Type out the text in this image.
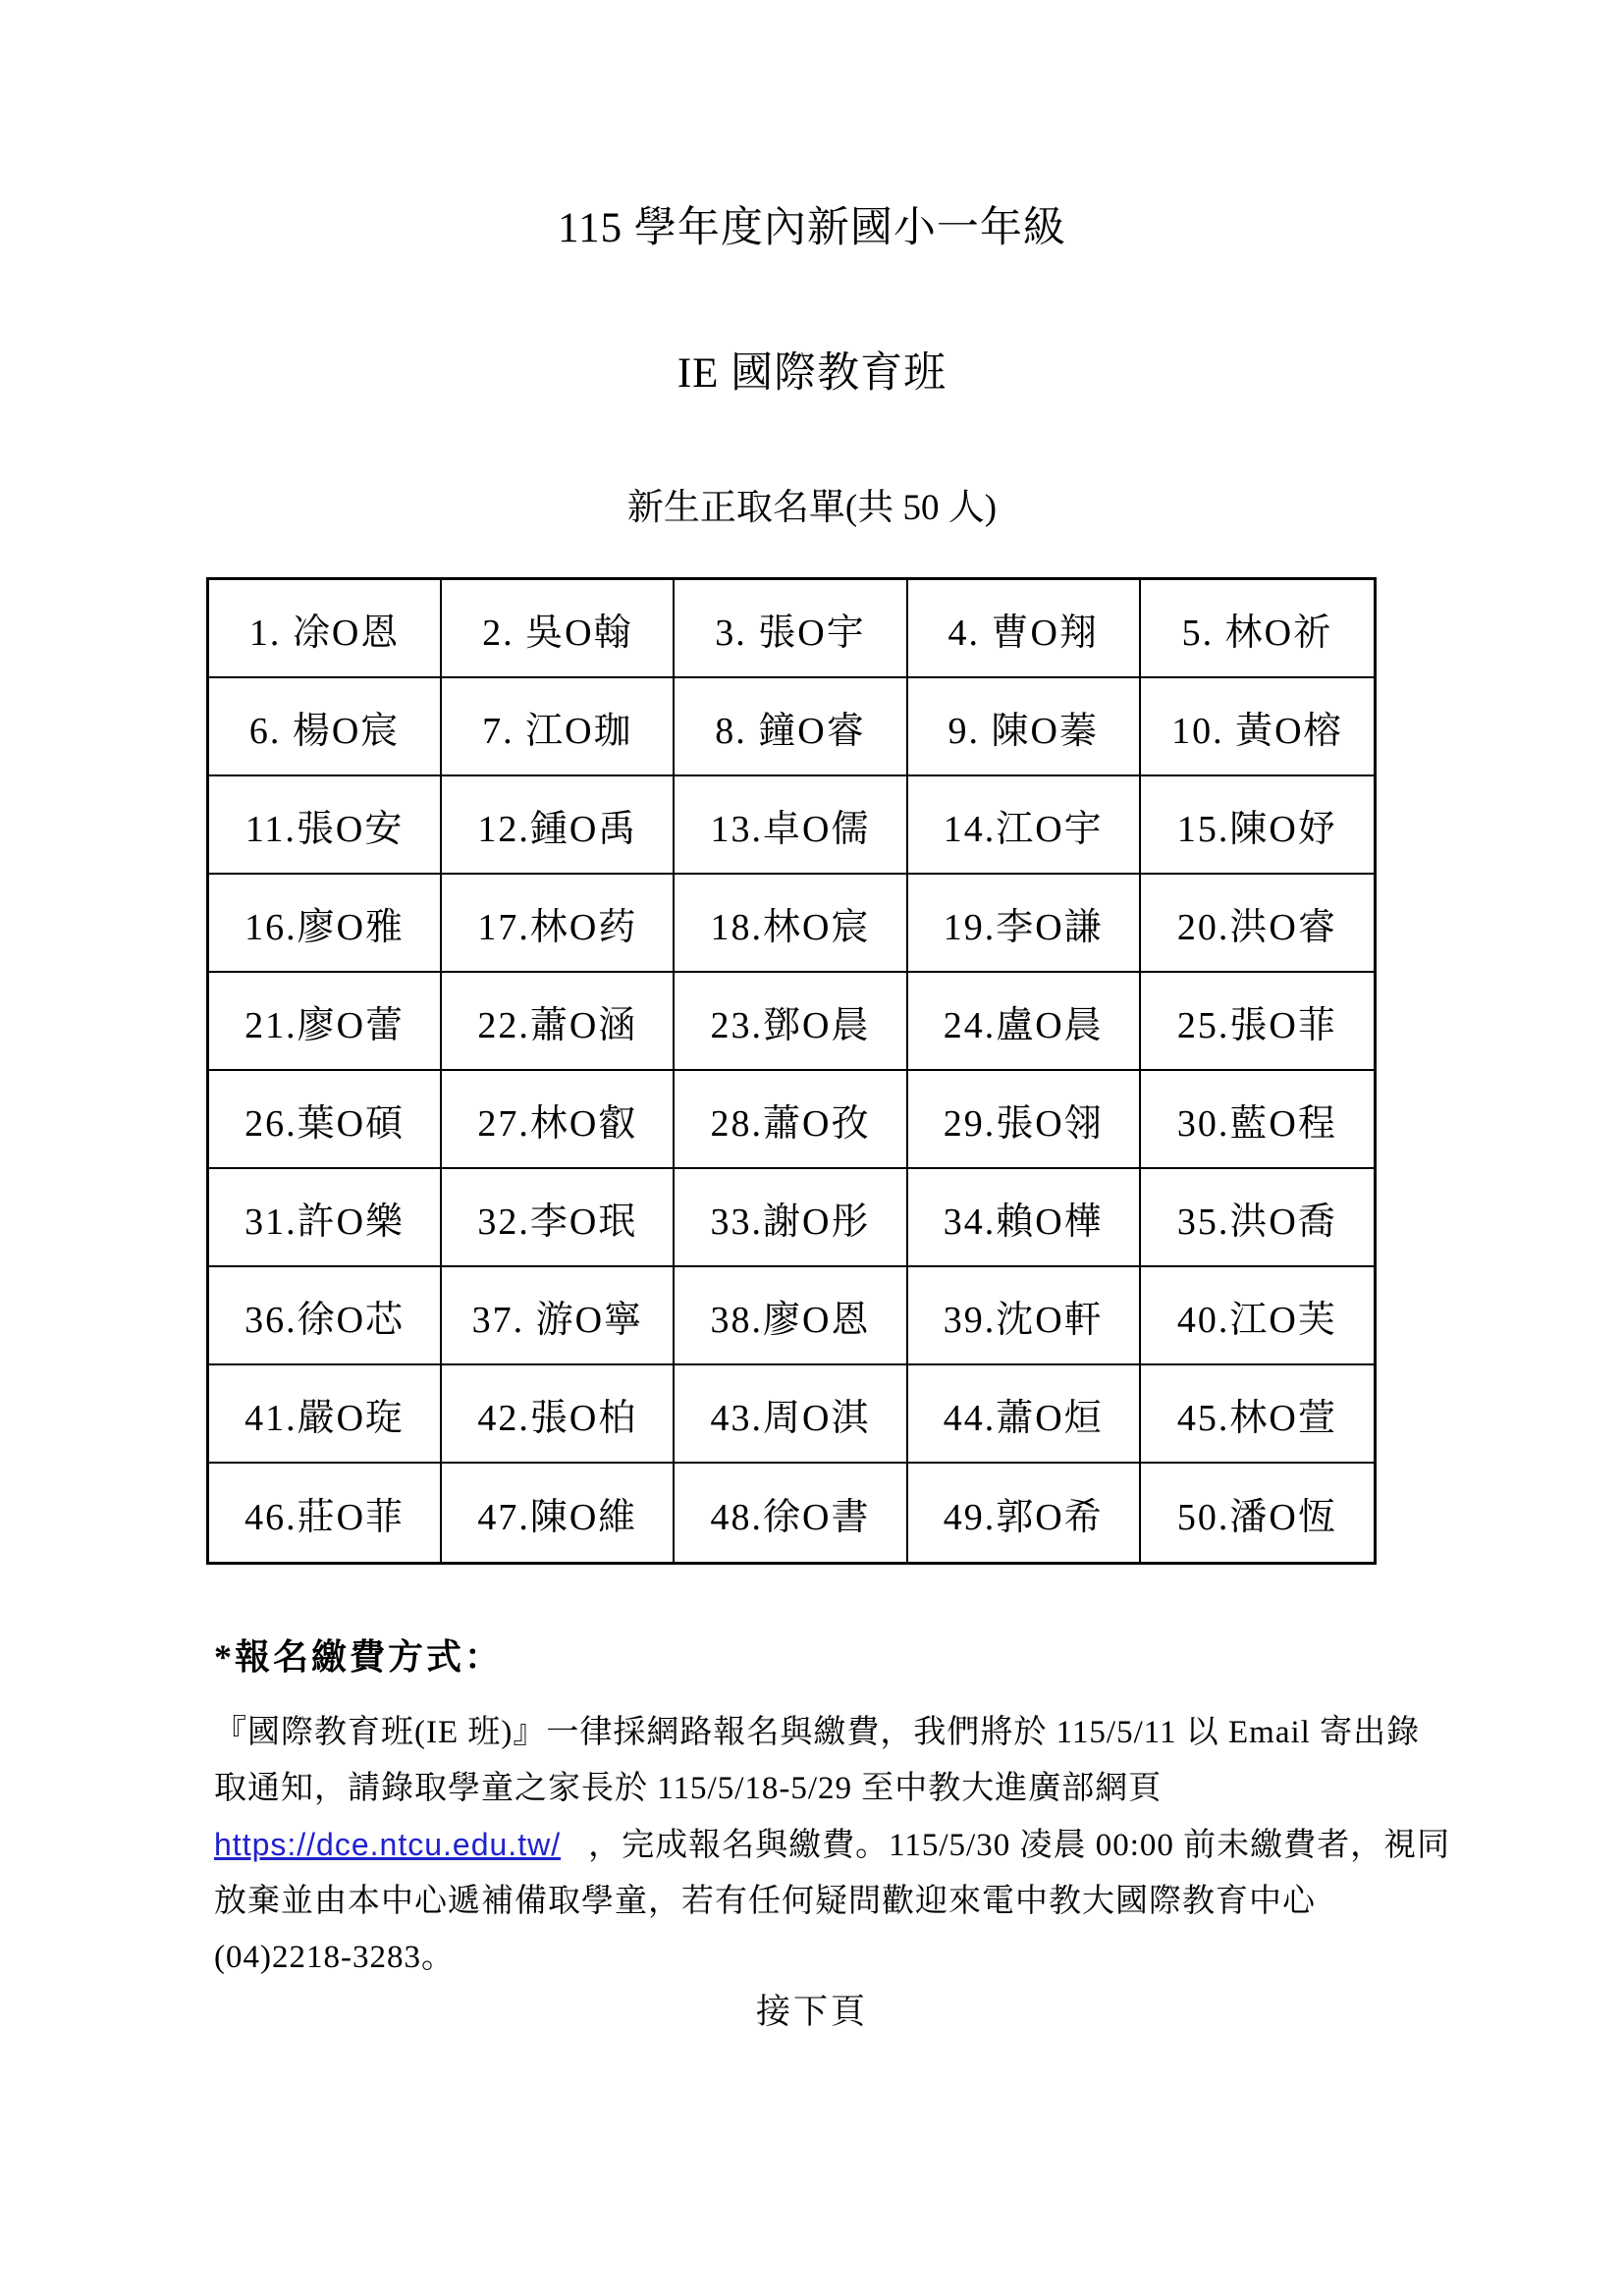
115 學年度內新國小一年級
IE 國際教育班
新生正取名單(共 50 人)
1. 凃O恩	2. 吳O翰	3. 張O宇	4. 曹O翔	5. 林O祈
6. 楊O宸	7. 江O珈	8. 鐘O睿	9. 陳O蓁	10. 黃O榕
11.張O安	12.鍾O禹	13.卓O儒	14.江O宇	15.陳O妤
16.廖O雅	17.林O药	18.林O宸	19.李O謙	20.洪O睿
21.廖O蕾	22.蕭O涵	23.鄧O晨	24.盧O晨	25.張O菲
26.葉O碩	27.林O叡	28.蕭O孜	29.張O翎	30.藍O程
31.許O樂	32.李O珉	33.謝O彤	34.賴O樺	35.洪O喬
36.徐O芯	37. 游O寧	38.廖O恩	39.沈O軒	40.江O芙
41.嚴O琁	42.張O柏	43.周O淇	44.蕭O烜	45.林O萱
46.莊O菲	47.陳O維	48.徐O書	49.郭O希	50.潘O恆
*報名繳費方式：
『國際教育班(IE 班)』一律採網路報名與繳費，我們將於 115/5/11 以 Email 寄出錄
取通知，請錄取學童之家長於 115/5/18-5/29 至中教大進廣部網頁
https://dce.ntcu.edu.tw/ ，完成報名與繳費。115/5/30 凌晨 00:00 前未繳費者，視同
放棄並由本中心遞補備取學童，若有任何疑問歡迎來電中教大國際教育中心
(04)2218-3283。
接下頁
